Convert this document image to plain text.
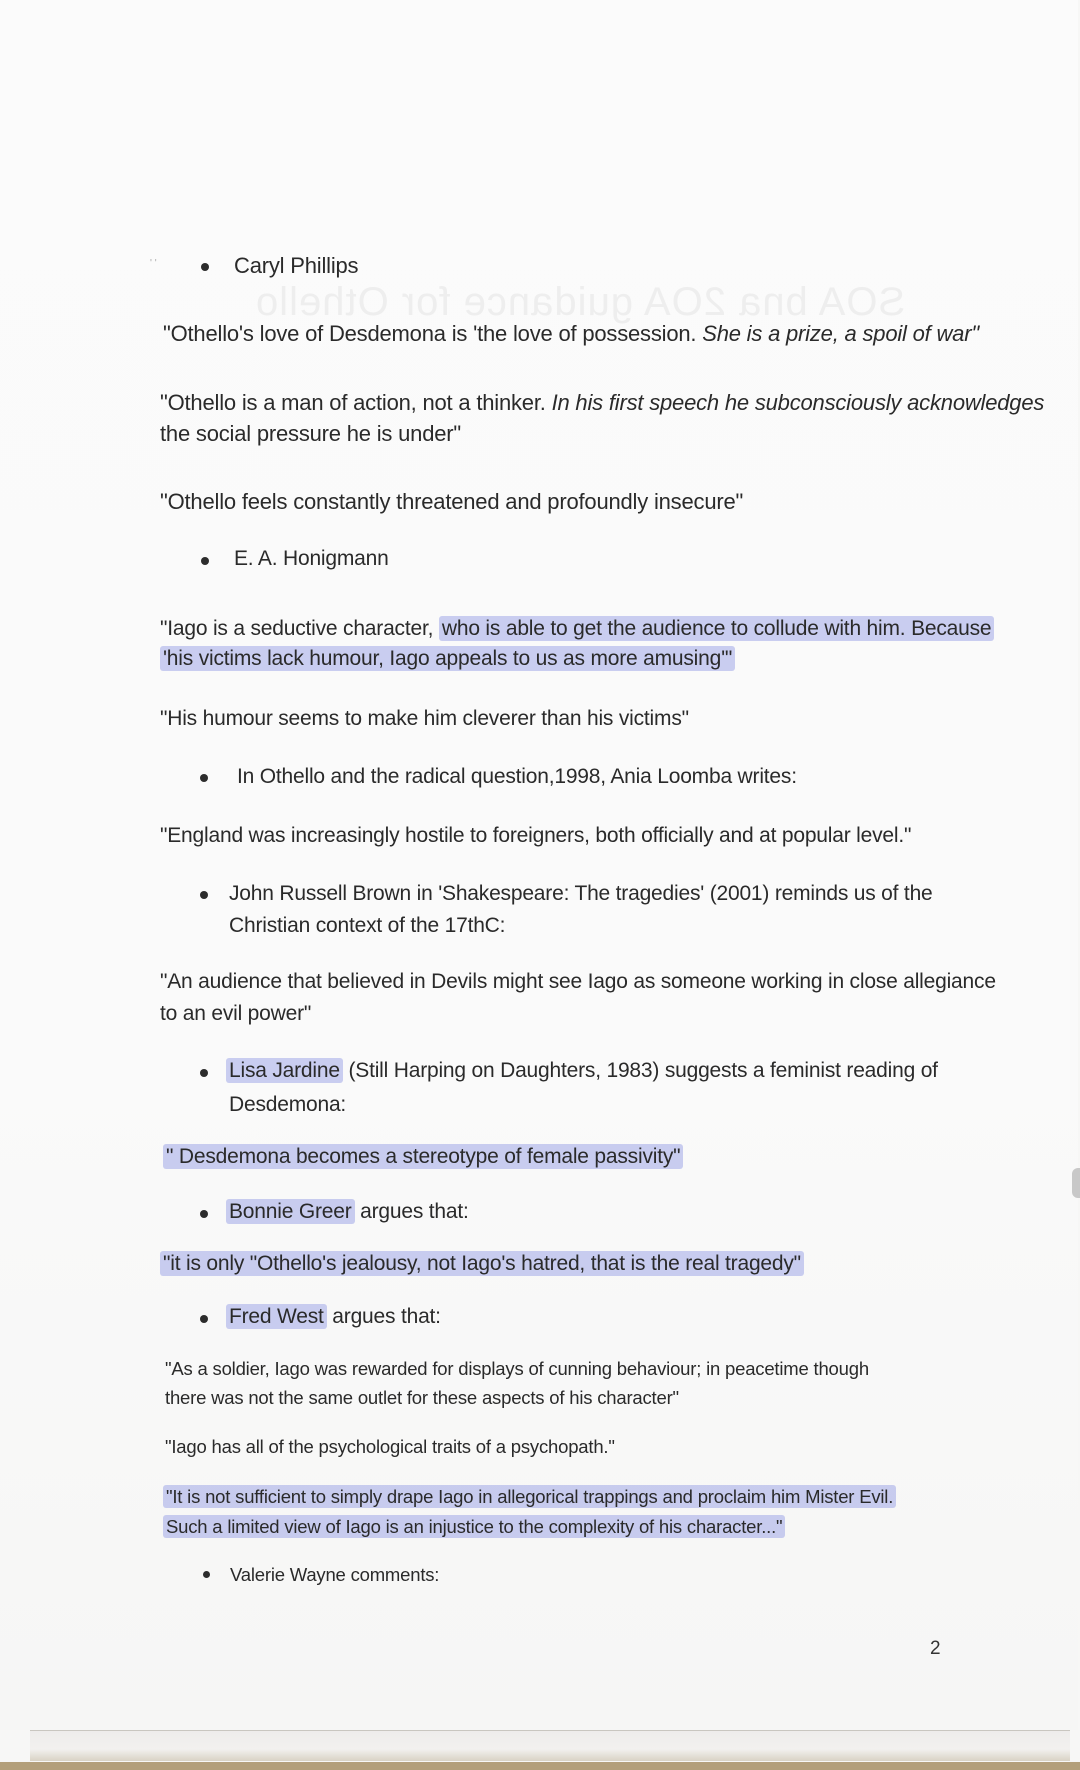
SOA bna 2OA guidance for Othello
' '	Caryl Phillips
"Othello's love of Desdemona is 'the love of possession. She is a prize, a spoil of war"
"Othello is a man of action, not a thinker. In his first speech he subconsciously acknowledges
the social pressure he is under"
"Othello feels constantly threatened and profoundly insecure"
E. A. Honigmann
"Iago is a seductive character, who is able to get the audience to collude with him. Because
'his victims lack humour, Iago appeals to us as more amusing'"
"His humour seems to make him cleverer than his victims"
In Othello and the radical question,1998, Ania Loomba writes:
"England was increasingly hostile to foreigners, both officially and at popular level."
John Russell Brown in 'Shakespeare: The tragedies' (2001) reminds us of the
Christian context of the 17thC:
"An audience that believed in Devils might see Iago as someone working in close allegiance
to an evil power"
Lisa Jardine (Still Harping on Daughters, 1983) suggests a feminist reading of
Desdemona:
" Desdemona becomes a stereotype of female passivity"
Bonnie Greer argues that:
"it is only "Othello's jealousy, not Iago's hatred, that is the real tragedy"
Fred West argues that:
"As a soldier, Iago was rewarded for displays of cunning behaviour; in peacetime though
there was not the same outlet for these aspects of his character"
"Iago has all of the psychological traits of a psychopath."
"It is not sufficient to simply drape Iago in allegorical trappings and proclaim him Mister Evil.
Such a limited view of Iago is an injustice to the complexity of his character..."
Valerie Wayne comments:
2
